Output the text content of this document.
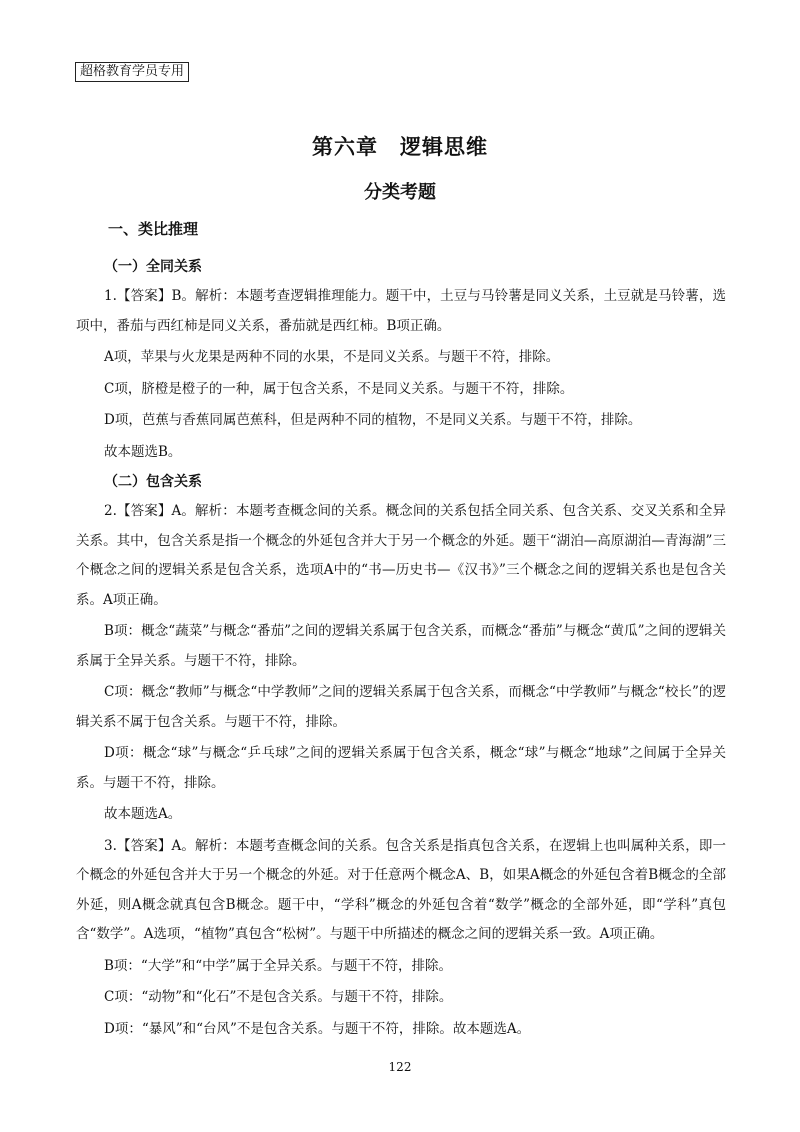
超格教育学员专用
第六章　逻辑思维
分类考题
一、类比推理
（一）全同关系

1.【答案】B。解析：本题考查逻辑推理能力。题干中，土豆与马铃薯是同义关系，土豆就是马铃薯，选项中，番茄与西红柿是同义关系，番茄就是西红柿。B项正确。

A项，苹果与火龙果是两种不同的水果，不是同义关系。与题干不符，排除。

C项，脐橙是橙子的一种，属于包含关系，不是同义关系。与题干不符，排除。

D项，芭蕉与香蕉同属芭蕉科，但是两种不同的植物，不是同义关系。与题干不符，排除。

故本题选B。

（二）包含关系

2.【答案】A。解析：本题考查概念间的关系。概念间的关系包括全同关系、包含关系、交叉关系和全异关系。其中，包含关系是指一个概念的外延包含并大于另一个概念的外延。题干“湖泊—高原湖泊—青海湖”三个概念之间的逻辑关系是包含关系，选项A中的“书—历史书—《汉书》”三个概念之间的逻辑关系也是包含关系。A项正确。

B项：概念“蔬菜”与概念“番茄”之间的逻辑关系属于包含关系，而概念“番茄”与概念“黄瓜”之间的逻辑关系属于全异关系。与题干不符，排除。

C项：概念“教师”与概念“中学教师”之间的逻辑关系属于包含关系，而概念“中学教师”与概念“校长”的逻辑关系不属于包含关系。与题干不符，排除。

D项：概念“球”与概念“乒乓球”之间的逻辑关系属于包含关系，概念“球”与概念“地球”之间属于全异关系。与题干不符，排除。

故本题选A。

3.【答案】A。解析：本题考查概念间的关系。包含关系是指真包含关系，在逻辑上也叫属种关系，即一个概念的外延包含并大于另一个概念的外延。对于任意两个概念A、B，如果A概念的外延包含着B概念的全部外延，则A概念就真包含B概念。题干中，“学科”概念的外延包含着“数学”概念的全部外延，即“学科”真包含“数学”。A选项，“植物”真包含“松树”。与题干中所描述的概念之间的逻辑关系一致。A项正确。

B项：“大学”和“中学”属于全异关系。与题干不符，排除。

C项：“动物”和“化石”不是包含关系。与题干不符，排除。

D项：“暴风”和“台风”不是包含关系。与题干不符，排除。故本题选A。

122
